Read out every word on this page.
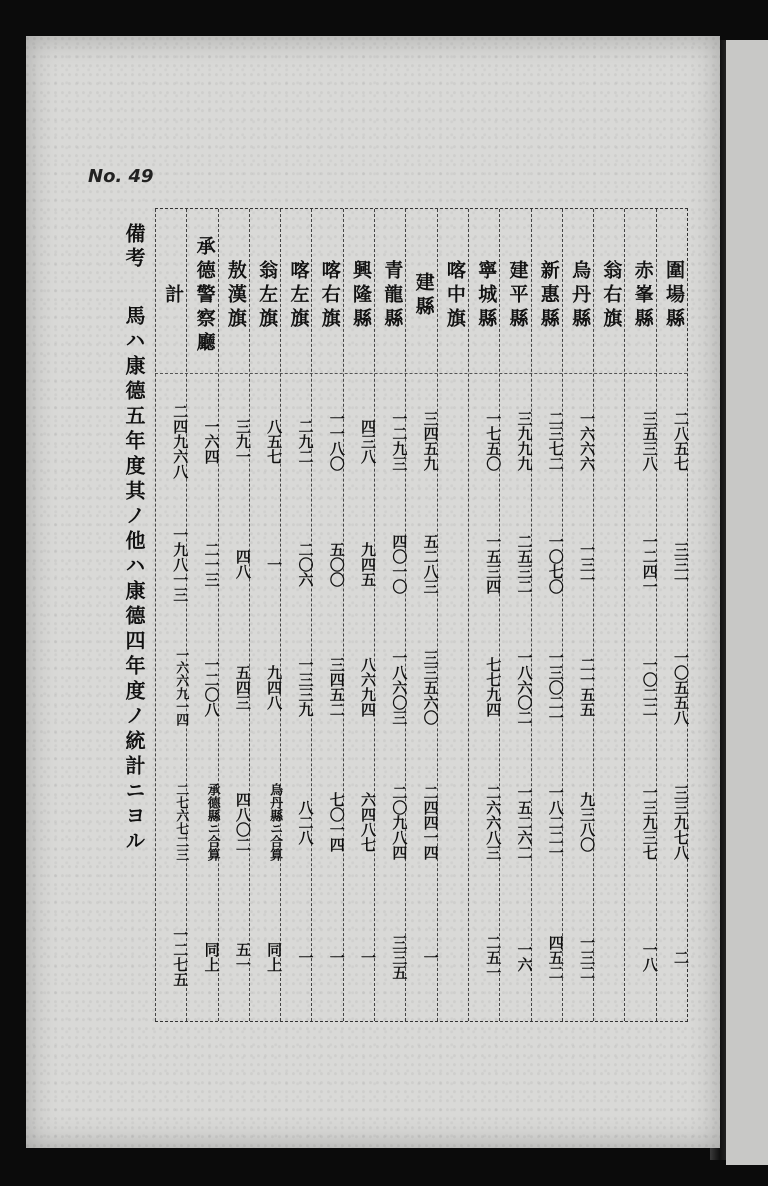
No. 49
備考
馬ハ康德五年度其ノ他ハ康德四年度ノ統計ニヨル
圍場縣
二八五七
三三一
一〇五五八
三三九七八
二
赤峯縣
三五三八
一二四一
一〇二二
一三九三七
一八
翁右旗
烏丹縣
一六六六
一三一
二一五五
九三八〇
一三二
新惠縣
二三七二
一〇七〇
一三〇二一
一八二二一
四五二
建平縣
三九九九
二五三二
一八六〇二
一五二六二
一六
寧城縣
一七五〇
一五三四
七七九四
二六六八三
二五一
喀中旗
建縣
三四五九
五二八三
三三五六〇
二四四一四
一
青龍縣
一二九三
四〇一〇
一八六〇三
二〇九八四
三三五
興隆縣
四三八
九四五
八六九四
六四八七
一
喀右旗
一一八〇
五〇〇
三四五二
七〇一四
一
喀左旗
二九二
二〇六
一三三九
八二八
一
翁左旗
八五七
一
九四八
烏丹縣ニ合算
同上
敖漢旗
三九一
四八
五四三
四八〇二
五一
承德警察廳
一六四
二一三
一二〇八
承德縣ニ合算
同上
計
二四九六八
一九八一三
一六六九一四
二七六七二三
一二七五
